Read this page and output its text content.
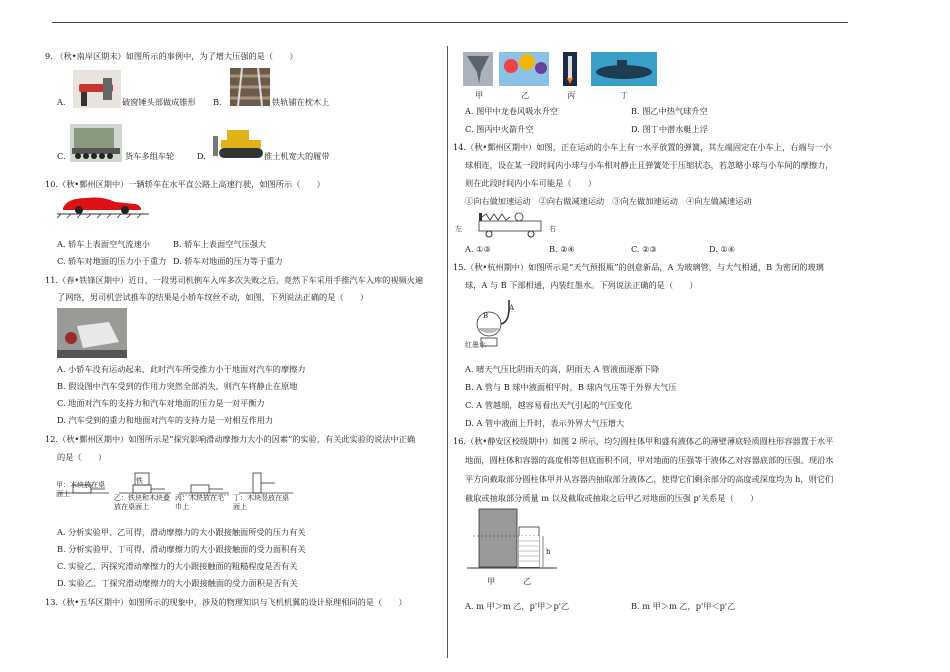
9. （秋•南岸区期末）如图所示的事例中，为了增大压强的是（　　）
A.	破窗锤头部做成锥形 B.	铁轨铺在枕木上
C.	货车多组车轮	D.	推土机宽大的履带
10.（秋•鄞州区期中）一辆轿车在水平直公路上高速行驶，如图所示（　　）
A. 轿车上表面空气流速小	B. 轿车上表面空气压强大
C. 轿车对地面的压力小于重力 D. 轿车对地面的压力等于重力
11.（春•铁锋区期中）近日，一段男司机倒车入库多次失败之后，竟然下车采用手推汽车入库的视频火遍
了网络，男司机尝试推车的结果是小轿车纹丝不动，如图，下列说法正确的是（　　）
A. 小轿车没有运动起来，此时汽车所受推力小于地面对汽车的摩擦力
B. 假设图中汽车受到的作用力突然全部消失，则汽车将静止在原地
C. 地面对汽车的支持力和汽车对地面的压力是一对平衡力
D. 汽车受到的重力和地面对汽车的支持力是一对相互作用力
12.（秋•鄞州区期中）如图所示是“探究影响滑动摩擦力大小的因素”的实验，有关此实验的说法中正确
的是（　　）
甲：木块放在桌面上
铁
乙：铁块和木块叠放在桌面上
丙：木块放在毛巾上
丁：木块竖放在桌面上
A. 分析实验甲、乙可得，滑动摩擦力的大小跟接触面所受的压力有关
B. 分析实验甲、丁可得，滑动摩擦力的大小跟接触面的受力面积有关
C. 实验乙、丙探究滑动摩擦力的大小跟接触面的粗糙程度是否有关
D. 实验乙、丁探究滑动摩擦力的大小跟接触面的受力面积是否有关
13.（秋•五华区期中）如图所示的现象中，涉及的物理知识与飞机机翼的设计原理相同的是（　　）
甲	乙	丙	丁
A. 图甲中龙卷风吸水升空	B. 图乙中热气球升空
C. 图丙中火箭升空	D. 图丁中潜水艇上浮
14.（秋•鄞州区期中）如图，正在运动的小车上有一水平放置的弹簧，其左端固定在小车上，右端与一小
球相连，设在某一段时间内小球与小车相对静止且弹簧处于压缩状态，若忽略小球与小车间的摩擦力，
则在此段时间内小车可能是（　　）
①向右做加速运动　②向右做减速运动　③向左做加速运动　④向左做减速运动
左	右
A. ①③	B. ②④	C. ②③	D. ①④
15.（秋•杭州期中）如图所示是“天气预报瓶”的创意新品，A 为玻璃管，与大气相通，B 为密闭的玻璃
球，A 与 B 下部相通，内装红墨水。下列说法正确的是（　　）
A
B
红墨水
A. 晴天气压比阴雨天的高，阴雨天 A 管液面逐渐下降
B. A 管与 B 球中液面相平时，B 球内气压等于外界大气压
C. A 管越细，越容易看出天气引起的气压变化
D. A 管中液面上升时，表示外界大气压增大
16.（秋•静安区校级期中）如图 2 所示，均匀圆柱体甲和盛有液体乙的薄壁薄底轻质圆柱形容器置于水平
地面，圆柱体和容器的高度相等但底面积不同，甲对地面的压强等于液体乙对容器底部的压强。现沿水
平方向截取部分圆柱体甲并从容器内抽取部分液体乙，使得它们剩余部分的高度或深度均为 h，则它们
截取或抽取部分质量 m 以及截取或抽取之后甲乙对地面的压强 p'关系是（　　）
h
甲	乙
A. m 甲＞m 乙，p'甲＞p'乙	B. m 甲＞m 乙，p'甲＜p'乙
